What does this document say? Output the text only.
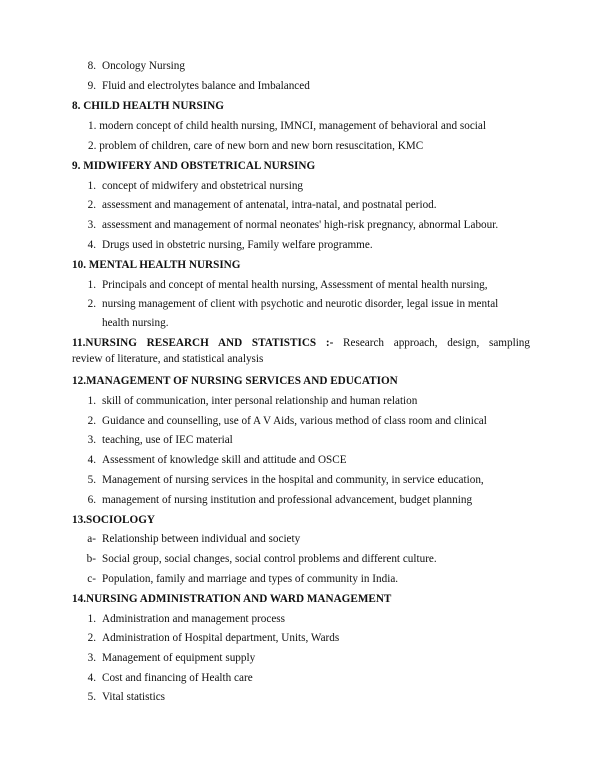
8. Oncology Nursing
9. Fluid and electrolytes balance and Imbalanced
8. CHILD HEALTH NURSING
1. modern concept of child health nursing, IMNCI, management of behavioral and social
2. problem of children, care of new born and new born resuscitation, KMC
9. MIDWIFERY AND OBSTETRICAL NURSING
1. concept of midwifery and obstetrical nursing
2. assessment and management of antenatal, intra-natal, and postnatal period.
3. assessment and management of normal neonates' high-risk pregnancy, abnormal Labour.
4. Drugs used in obstetric nursing, Family welfare programme.
10. MENTAL HEALTH NURSING
1. Principals and concept of mental health nursing, Assessment of mental health nursing,
2. nursing management of client with psychotic and neurotic disorder, legal issue in mental
health nursing.
11.NURSING RESEARCH AND STATISTICS :- Research approach, design, sampling
review of literature, and statistical analysis
12.MANAGEMENT OF NURSING SERVICES AND EDUCATION
1. skill of communication, inter personal relationship and human relation
2. Guidance and counselling, use of A V Aids, various method of class room and clinical
3. teaching, use of IEC material
4. Assessment of knowledge skill and attitude and OSCE
5. Management of nursing services in the hospital and community, in service education,
6. management of nursing institution and professional advancement, budget planning
13.SOCIOLOGY
a- Relationship between individual and society
b- Social group, social changes, social control problems and different culture.
c- Population, family and marriage and types of community in India.
14.NURSING ADMINISTRATION AND WARD MANAGEMENT
1. Administration and management process
2. Administration of Hospital department, Units, Wards
3. Management of equipment supply
4. Cost and financing of Health care
5. Vital statistics
